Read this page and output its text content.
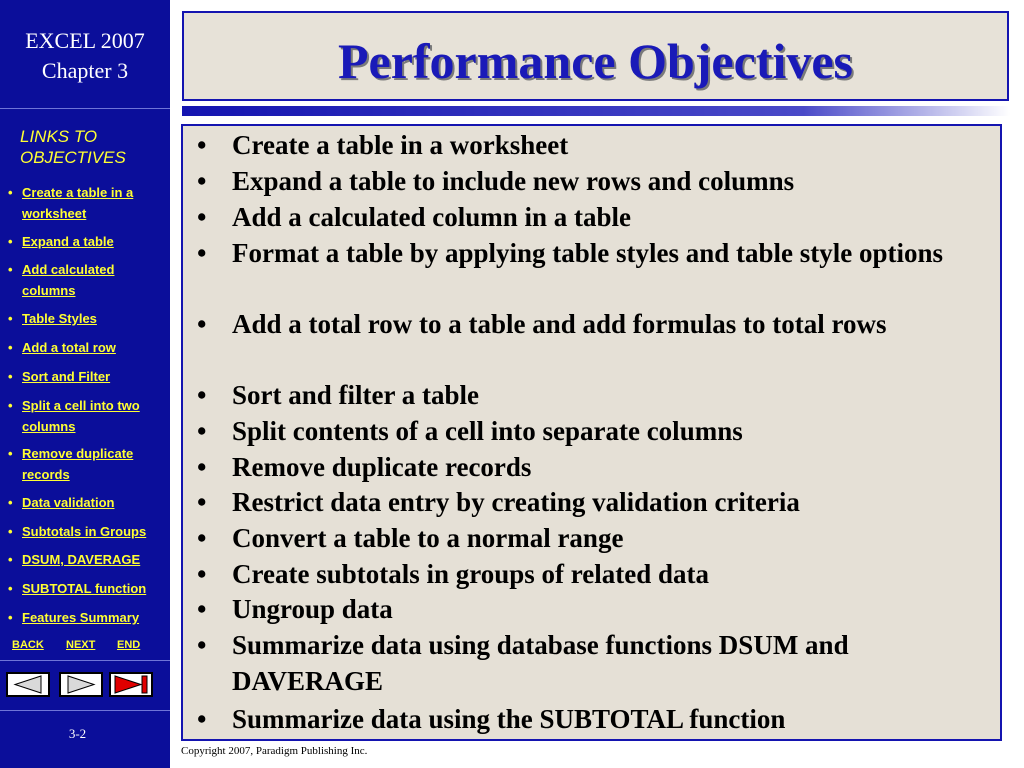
EXCEL 2007
Chapter 3
LINKS TO
OBJECTIVES
• Create a table in a worksheet
• Expand a table
• Add calculated columns
• Table Styles
• Add a total row
• Sort and Filter
• Split a cell into two columns
• Remove duplicate records
• Data validation
• Subtotals in Groups
• DSUM, DAVERAGE
• SUBTOTAL function
• Features Summary
BACK NEXT END
3-2
Performance Objectives
• Create a table in a worksheet
• Expand a table to include new rows and columns
• Add a calculated column in a table
• Format a table by applying table styles and table style options
• Add a total row to a table and add formulas to total rows
• Sort and filter a table
• Split contents of a cell into separate columns
• Remove duplicate records
• Restrict data entry by creating validation criteria
• Convert a table to a normal range
• Create subtotals in groups of related data
• Ungroup data
• Summarize data using database functions DSUM and DAVERAGE
• Summarize data using the SUBTOTAL function
Copyright 2007, Paradigm Publishing Inc.
